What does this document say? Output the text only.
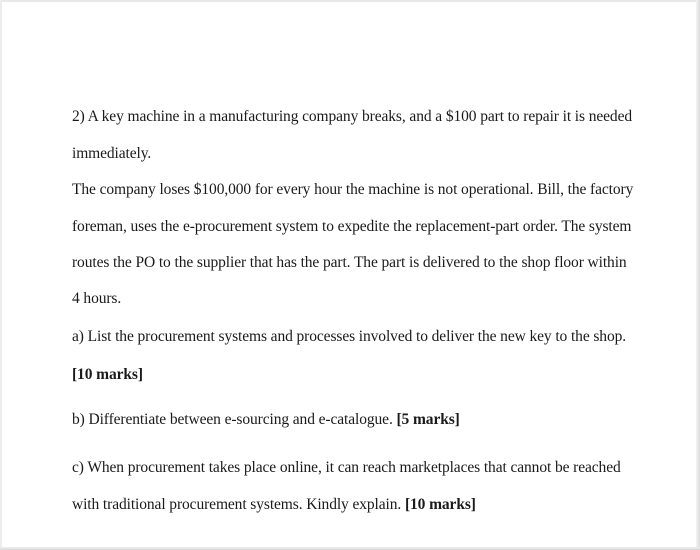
2) A key machine in a manufacturing company breaks, and a $100 part to repair it is needed
immediately.
The company loses $100,000 for every hour the machine is not operational. Bill, the factory
foreman, uses the e-procurement system to expedite the replacement-part order. The system
routes the PO to the supplier that has the part. The part is delivered to the shop floor within
4 hours.
a) List the procurement systems and processes involved to deliver the new key to the shop.
[10 marks]
b) Differentiate between e-sourcing and e-catalogue. [5 marks]
c) When procurement takes place online, it can reach marketplaces that cannot be reached
with traditional procurement systems. Kindly explain. [10 marks]
